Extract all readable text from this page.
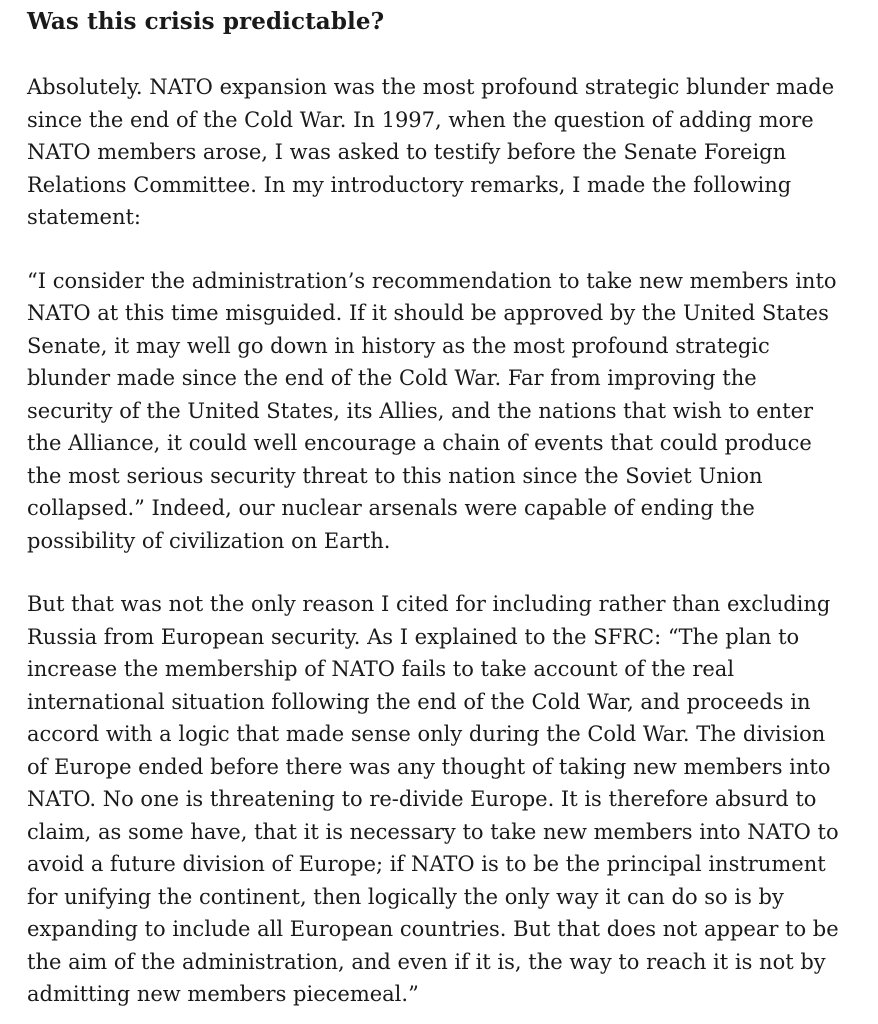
Was this crisis predictable?

Absolutely. NATO expansion was the most profound strategic blunder made since the end of the Cold War. In 1997, when the question of adding more NATO members arose, I was asked to testify before the Senate Foreign Relations Committee. In my introductory remarks, I made the following statement:

“I consider the administration’s recommendation to take new members into NATO at this time misguided. If it should be approved by the United States Senate, it may well go down in history as the most profound strategic blunder made since the end of the Cold War. Far from improving the security of the United States, its Allies, and the nations that wish to enter the Alliance, it could well encourage a chain of events that could produce the most serious security threat to this nation since the Soviet Union collapsed.” Indeed, our nuclear arsenals were capable of ending the possibility of civilization on Earth.

But that was not the only reason I cited for including rather than excluding Russia from European security. As I explained to the SFRC: “The plan to increase the membership of NATO fails to take account of the real international situation following the end of the Cold War, and proceeds in accord with a logic that made sense only during the Cold War. The division of Europe ended before there was any thought of taking new members into NATO. No one is threatening to re-divide Europe. It is therefore absurd to claim, as some have, that it is necessary to take new members into NATO to avoid a future division of Europe; if NATO is to be the principal instrument for unifying the continent, then logically the only way it can do so is by expanding to include all European countries. But that does not appear to be the aim of the administration, and even if it is, the way to reach it is not by admitting new members piecemeal.”
